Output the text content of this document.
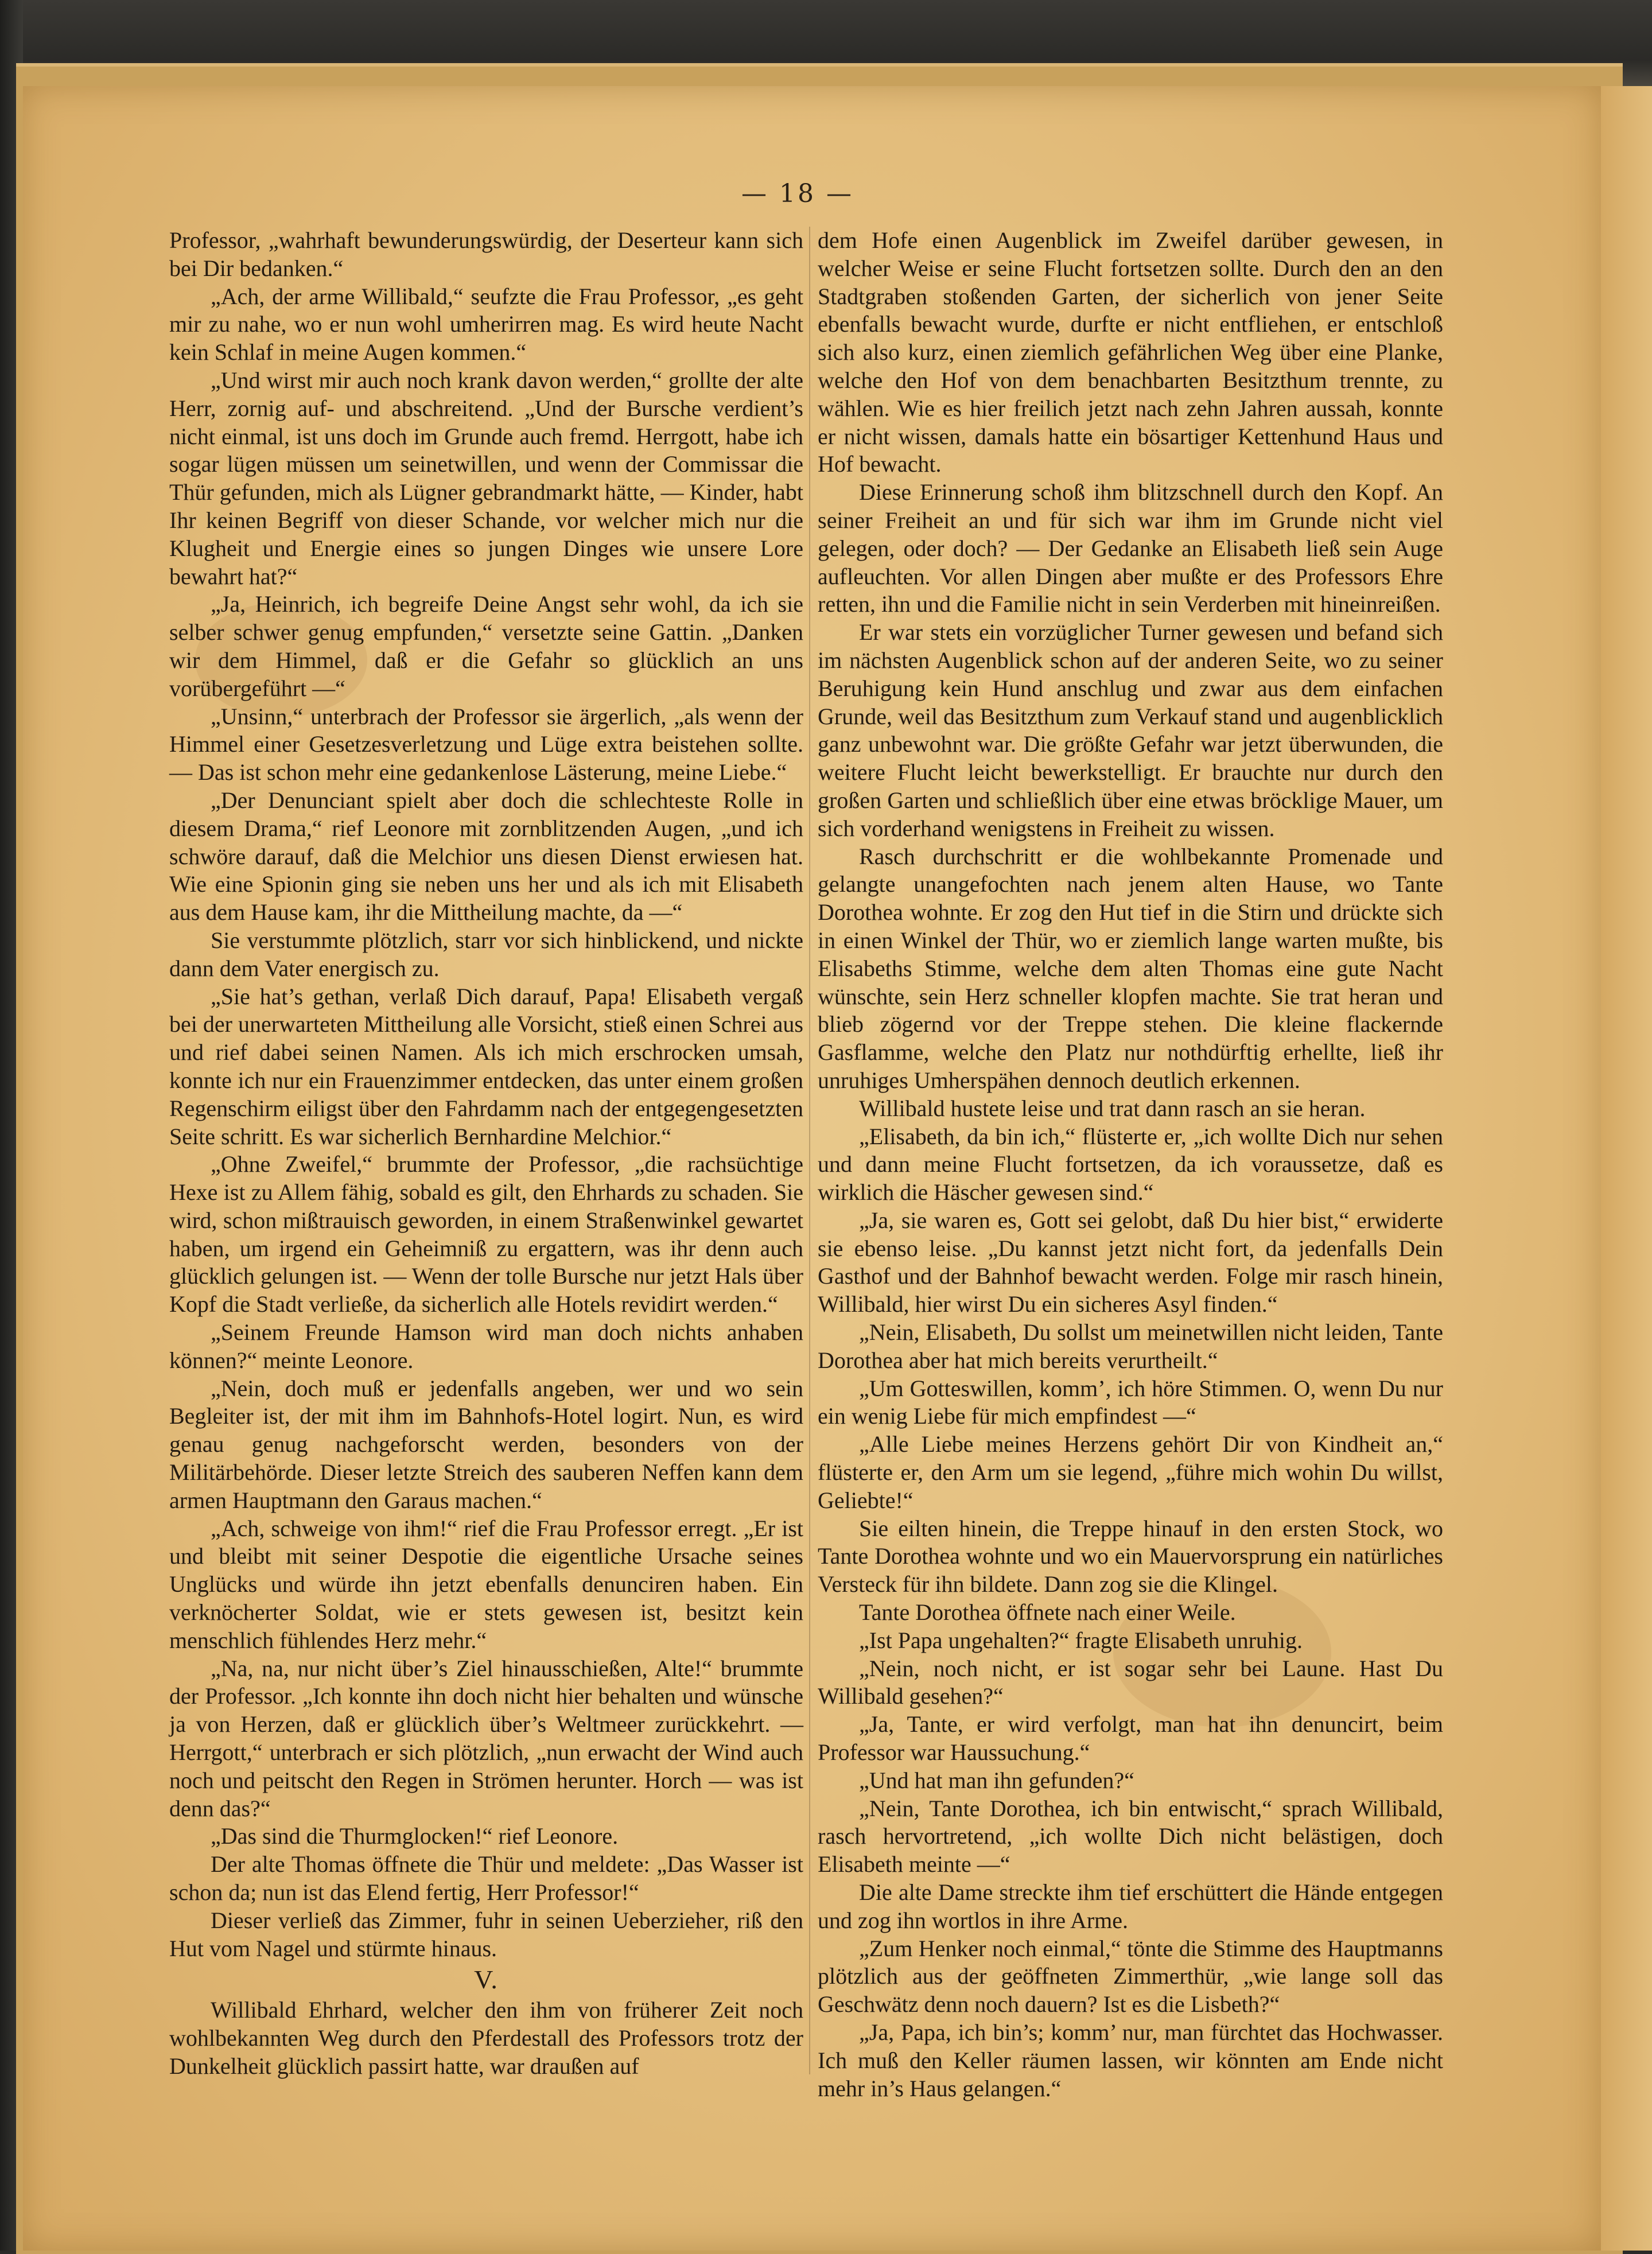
— 18 —

Professor, „wahrhaft bewunderungswürdig, der Deserteur kann sich bei Dir bedanken.“

„Ach, der arme Willibald,“ seufzte die Frau Professor, „es geht mir zu nahe, wo er nun wohl umherirren mag. Es wird heute Nacht kein Schlaf in meine Augen kommen.“

„Und wirst mir auch noch krank davon werden,“ grollte der alte Herr, zornig auf- und abschreitend. „Und der Bursche verdient’s nicht einmal, ist uns doch im Grunde auch fremd. Herrgott, habe ich sogar lügen müssen um seinetwillen, und wenn der Commissar die Thür gefunden, mich als Lügner gebrandmarkt hätte, — Kinder, habt Ihr keinen Begriff von dieser Schande, vor welcher mich nur die Klugheit und Energie eines so jungen Dinges wie unsere Lore bewahrt hat?“

„Ja, Heinrich, ich begreife Deine Angst sehr wohl, da ich sie selber schwer genug empfunden,“ versetzte seine Gattin. „Danken wir dem Himmel, daß er die Gefahr so glücklich an uns vorübergeführt —“

„Unsinn,“ unterbrach der Professor sie ärgerlich, „als wenn der Himmel einer Gesetzesverletzung und Lüge extra beistehen sollte. — Das ist schon mehr eine gedankenlose Lästerung, meine Liebe.“

„Der Denunciant spielt aber doch die schlechteste Rolle in diesem Drama,“ rief Leonore mit zornblitzenden Augen, „und ich schwöre darauf, daß die Melchior uns diesen Dienst erwiesen hat. Wie eine Spionin ging sie neben uns her und als ich mit Elisabeth aus dem Hause kam, ihr die Mittheilung machte, da —“

Sie verstummte plötzlich, starr vor sich hinblickend, und nickte dann dem Vater energisch zu.

„Sie hat’s gethan, verlaß Dich darauf, Papa! Elisabeth vergaß bei der unerwarteten Mittheilung alle Vorsicht, stieß einen Schrei aus und rief dabei seinen Namen. Als ich mich erschrocken umsah, konnte ich nur ein Frauenzimmer entdecken, das unter einem großen Regenschirm eiligst über den Fahrdamm nach der entgegengesetzten Seite schritt. Es war sicherlich Bernhardine Melchior.“

„Ohne Zweifel,“ brummte der Professor, „die rachsüchtige Hexe ist zu Allem fähig, sobald es gilt, den Ehrhards zu schaden. Sie wird, schon mißtrauisch geworden, in einem Straßenwinkel gewartet haben, um irgend ein Geheimniß zu ergattern, was ihr denn auch glücklich gelungen ist. — Wenn der tolle Bursche nur jetzt Hals über Kopf die Stadt verließe, da sicherlich alle Hotels revidirt werden.“

„Seinem Freunde Hamson wird man doch nichts anhaben können?“ meinte Leonore.

„Nein, doch muß er jedenfalls angeben, wer und wo sein Begleiter ist, der mit ihm im Bahnhofs-Hotel logirt. Nun, es wird genau genug nachgeforscht werden, besonders von der Militärbehörde. Dieser letzte Streich des sauberen Neffen kann dem armen Hauptmann den Garaus machen.“

„Ach, schweige von ihm!“ rief die Frau Professor erregt. „Er ist und bleibt mit seiner Despotie die eigentliche Ursache seines Unglücks und würde ihn jetzt ebenfalls denunciren haben. Ein verknöcherter Soldat, wie er stets gewesen ist, besitzt kein menschlich fühlendes Herz mehr.“

„Na, na, nur nicht über’s Ziel hinausschießen, Alte!“ brummte der Professor. „Ich konnte ihn doch nicht hier behalten und wünsche ja von Herzen, daß er glücklich über’s Weltmeer zurückkehrt. — Herrgott,“ unterbrach er sich plötzlich, „nun erwacht der Wind auch noch und peitscht den Regen in Strömen herunter. Horch — was ist denn das?“

„Das sind die Thurmglocken!“ rief Leonore.

Der alte Thomas öffnete die Thür und meldete: „Das Wasser ist schon da; nun ist das Elend fertig, Herr Professor!“

Dieser verließ das Zimmer, fuhr in seinen Ueberzieher, riß den Hut vom Nagel und stürmte hinaus.

V.

Willibald Ehrhard, welcher den ihm von früherer Zeit noch wohlbekannten Weg durch den Pferdestall des Professors trotz der Dunkelheit glücklich passirt hatte, war draußen auf

dem Hofe einen Augenblick im Zweifel darüber gewesen, in welcher Weise er seine Flucht fortsetzen sollte. Durch den an den Stadtgraben stoßenden Garten, der sicherlich von jener Seite ebenfalls bewacht wurde, durfte er nicht entfliehen, er entschloß sich also kurz, einen ziemlich gefährlichen Weg über eine Planke, welche den Hof von dem benachbarten Besitzthum trennte, zu wählen. Wie es hier freilich jetzt nach zehn Jahren aussah, konnte er nicht wissen, damals hatte ein bösartiger Kettenhund Haus und Hof bewacht.

Diese Erinnerung schoß ihm blitzschnell durch den Kopf. An seiner Freiheit an und für sich war ihm im Grunde nicht viel gelegen, oder doch? — Der Gedanke an Elisabeth ließ sein Auge aufleuchten. Vor allen Dingen aber mußte er des Professors Ehre retten, ihn und die Familie nicht in sein Verderben mit hineinreißen.

Er war stets ein vorzüglicher Turner gewesen und befand sich im nächsten Augenblick schon auf der anderen Seite, wo zu seiner Beruhigung kein Hund anschlug und zwar aus dem einfachen Grunde, weil das Besitzthum zum Verkauf stand und augenblicklich ganz unbewohnt war. Die größte Gefahr war jetzt überwunden, die weitere Flucht leicht bewerkstelligt. Er brauchte nur durch den großen Garten und schließlich über eine etwas bröcklige Mauer, um sich vorderhand wenigstens in Freiheit zu wissen.

Rasch durchschritt er die wohlbekannte Promenade und gelangte unangefochten nach jenem alten Hause, wo Tante Dorothea wohnte. Er zog den Hut tief in die Stirn und drückte sich in einen Winkel der Thür, wo er ziemlich lange warten mußte, bis Elisabeths Stimme, welche dem alten Thomas eine gute Nacht wünschte, sein Herz schneller klopfen machte. Sie trat heran und blieb zögernd vor der Treppe stehen. Die kleine flackernde Gasflamme, welche den Platz nur nothdürftig erhellte, ließ ihr unruhiges Umherspähen dennoch deutlich erkennen.

Willibald hustete leise und trat dann rasch an sie heran.

„Elisabeth, da bin ich,“ flüsterte er, „ich wollte Dich nur sehen und dann meine Flucht fortsetzen, da ich voraussetze, daß es wirklich die Häscher gewesen sind.“

„Ja, sie waren es, Gott sei gelobt, daß Du hier bist,“ erwiderte sie ebenso leise. „Du kannst jetzt nicht fort, da jedenfalls Dein Gasthof und der Bahnhof bewacht werden. Folge mir rasch hinein, Willibald, hier wirst Du ein sicheres Asyl finden.“

„Nein, Elisabeth, Du sollst um meinetwillen nicht leiden, Tante Dorothea aber hat mich bereits verurtheilt.“

„Um Gotteswillen, komm’, ich höre Stimmen. O, wenn Du nur ein wenig Liebe für mich empfindest —“

„Alle Liebe meines Herzens gehört Dir von Kindheit an,“ flüsterte er, den Arm um sie legend, „führe mich wohin Du willst, Geliebte!“

Sie eilten hinein, die Treppe hinauf in den ersten Stock, wo Tante Dorothea wohnte und wo ein Mauervorsprung ein natürliches Versteck für ihn bildete. Dann zog sie die Klingel.

Tante Dorothea öffnete nach einer Weile.

„Ist Papa ungehalten?“ fragte Elisabeth unruhig.

„Nein, noch nicht, er ist sogar sehr bei Laune. Hast Du Willibald gesehen?“

„Ja, Tante, er wird verfolgt, man hat ihn denuncirt, beim Professor war Haussuchung.“

„Und hat man ihn gefunden?“

„Nein, Tante Dorothea, ich bin entwischt,“ sprach Willibald, rasch hervortretend, „ich wollte Dich nicht belästigen, doch Elisabeth meinte —“

Die alte Dame streckte ihm tief erschüttert die Hände entgegen und zog ihn wortlos in ihre Arme.

„Zum Henker noch einmal,“ tönte die Stimme des Hauptmanns plötzlich aus der geöffneten Zimmerthür, „wie lange soll das Geschwätz denn noch dauern? Ist es die Lisbeth?“

„Ja, Papa, ich bin’s; komm’ nur, man fürchtet das Hochwasser. Ich muß den Keller räumen lassen, wir könnten am Ende nicht mehr in’s Haus gelangen.“
